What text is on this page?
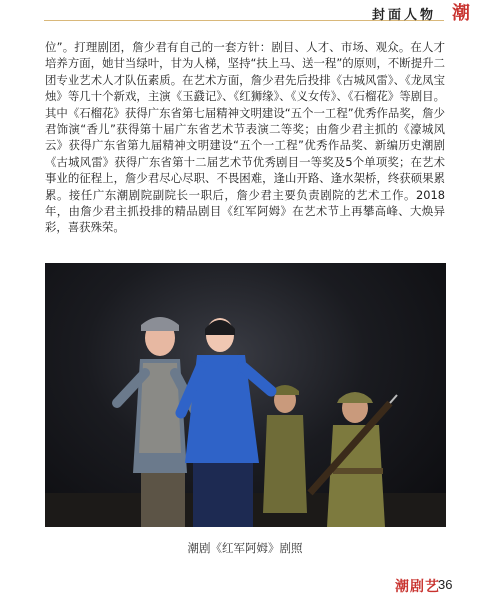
封面人物 潮

位”。打理剧团，詹少君有自己的一套方针：剧目、人才、市场、观众。在人才培养方面，她甘当绿叶，甘为人梯，坚持“扶上马、送一程”的原则，不断提升二团专业艺术人才队伍素质。在艺术方面，詹少君先后投排《古城风雷》、《龙凤宝烛》等几十个新戏，主演《玉鼗记》、《红狮缘》、《义女传》、《石榴花》等剧目。其中《石榴花》获得广东省第七届精神文明建设“五个一工程”优秀作品奖，詹少君饰演“香儿”获得第十届广东省艺术节表演二等奖；由詹少君主抓的《濠城风云》获得广东省第九届精神文明建设“五个一工程”优秀作品奖、新编历史潮剧《古城风雷》获得广东省第十二届艺术节优秀剧目一等奖及5个单项奖；在艺术事业的征程上，詹少君尽心尽职、不畏困难，逢山开路、逢水架桥，终获硕果累累。接任广东潮剧院副院长一职后，詹少君主要负责剧院的艺术工作。2018年，由詹少君主抓投排的精品剧目《红军阿姆》在艺术节上再攀高峰、大焕异彩，喜获殊荣。

潮剧《红军阿姆》剧照
潮剧艺
36
